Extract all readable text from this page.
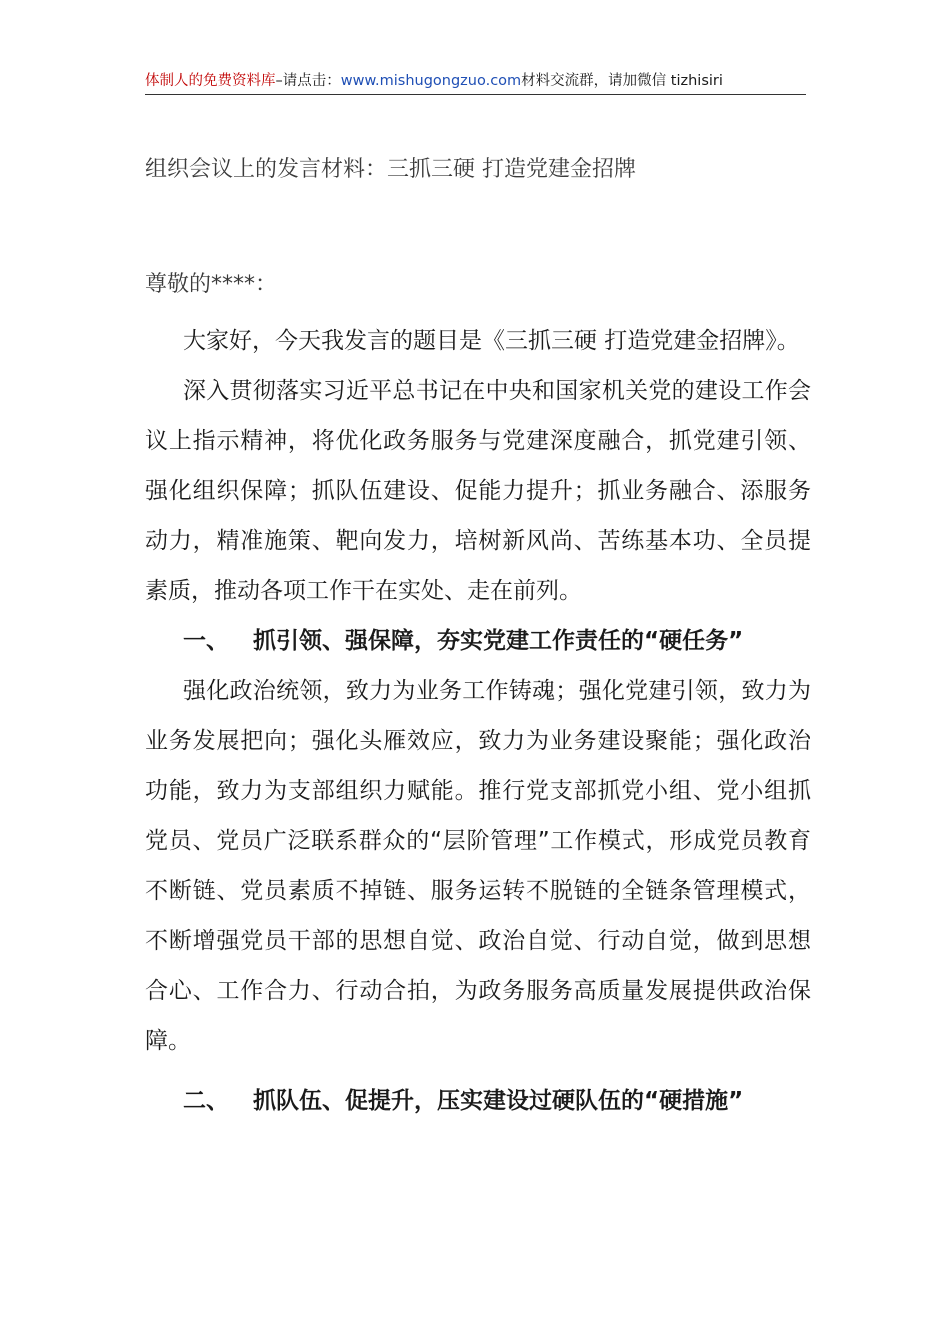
体制人的免费资料库–请点击：www.mishugongzuo.com材料交流群，请加微信 tizhisiri
组织会议上的发言材料：三抓三硬 打造党建金招牌
尊敬的****：

大家好，今天我发言的题目是《三抓三硬 打造党建金招牌》。

深入贯彻落实习近平总书记在中央和国家机关党的建设工作会议上指示精神，将优化政务服务与党建深度融合，抓党建引领、强化组织保障；抓队伍建设、促能力提升；抓业务融合、添服务动力，精准施策、靶向发力，培树新风尚、苦练基本功、全员提素质，推动各项工作干在实处、走在前列。

一、 抓引领、强保障，夯实党建工作责任的“硬任务”

强化政治统领，致力为业务工作铸魂；强化党建引领，致力为业务发展把向；强化头雁效应，致力为业务建设聚能；强化政治功能，致力为支部组织力赋能。推行党支部抓党小组、党小组抓党员、党员广泛联系群众的“层阶管理”工作模式，形成党员教育不断链、党员素质不掉链、服务运转不脱链的全链条管理模式，不断增强党员干部的思想自觉、政治自觉、行动自觉，做到思想合心、工作合力、行动合拍，为政务服务高质量发展提供政治保障。

二、 抓队伍、促提升，压实建设过硬队伍的“硬措施”
